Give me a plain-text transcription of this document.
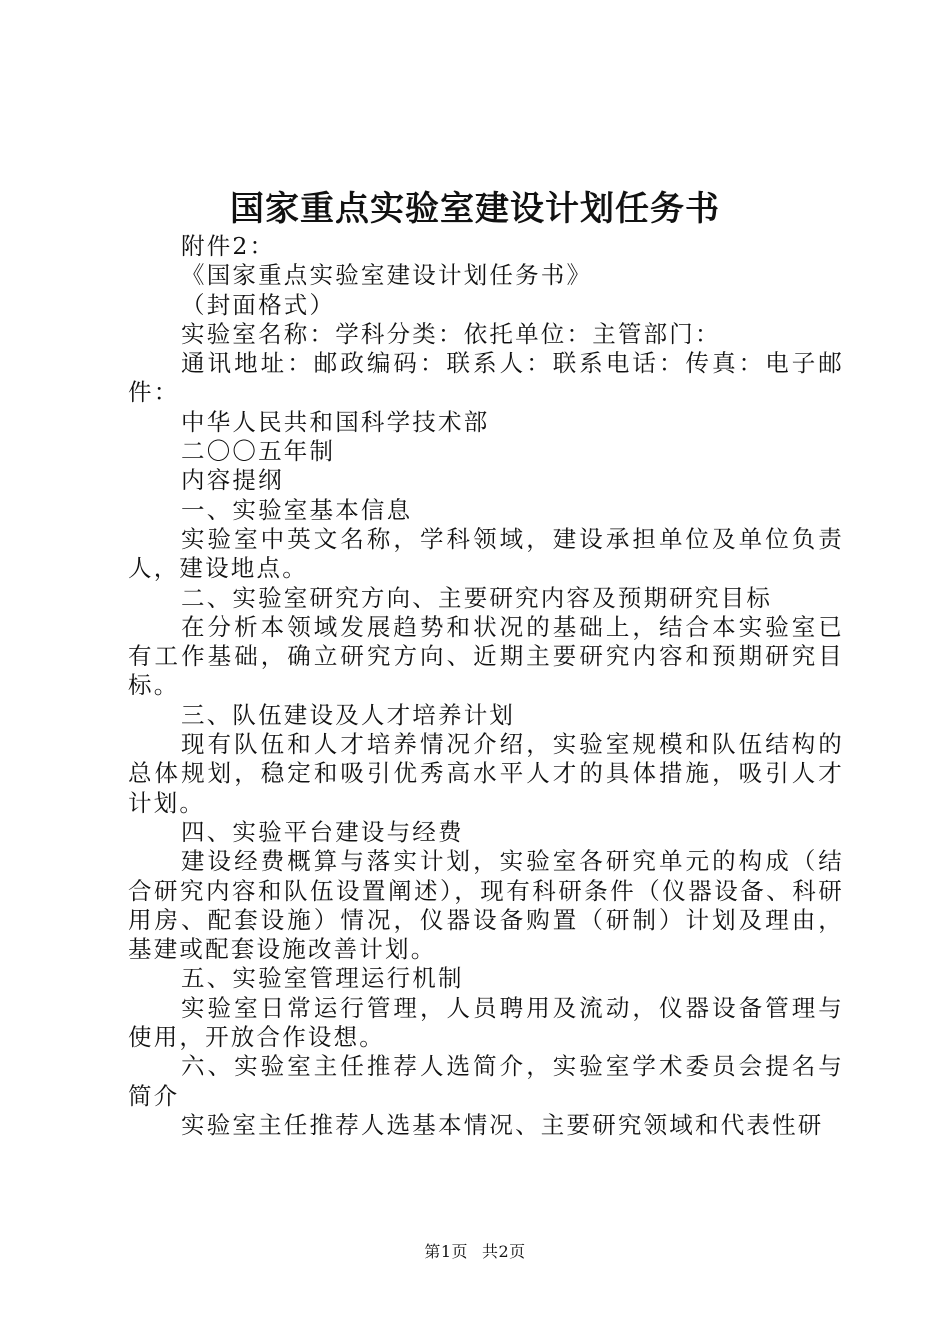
国家重点实验室建设计划任务书

附件2：

《国家重点实验室建设计划任务书》

（封面格式）

实验室名称：学科分类：依托单位：主管部门：

通讯地址：邮政编码：联系人：联系电话：传真：电子邮件：

中华人民共和国科学技术部

二〇〇五年制

内容提纲

一、实验室基本信息

实验室中英文名称，学科领域，建设承担单位及单位负责人，建设地点。

二、实验室研究方向、主要研究内容及预期研究目标

在分析本领域发展趋势和状况的基础上，结合本实验室已有工作基础，确立研究方向、近期主要研究内容和预期研究目标。

三、队伍建设及人才培养计划

现有队伍和人才培养情况介绍，实验室规模和队伍结构的总体规划，稳定和吸引优秀高水平人才的具体措施，吸引人才计划。

四、实验平台建设与经费

建设经费概算与落实计划，实验室各研究单元的构成（结合研究内容和队伍设置阐述），现有科研条件（仪器设备、科研用房、配套设施）情况，仪器设备购置（研制）计划及理由，基建或配套设施改善计划。

五、实验室管理运行机制

实验室日常运行管理，人员聘用及流动，仪器设备管理与使用，开放合作设想。

六、实验室主任推荐人选简介，实验室学术委员会提名与简介

实验室主任推荐人选基本情况、主要研究领域和代表性研

第1页 共2页
